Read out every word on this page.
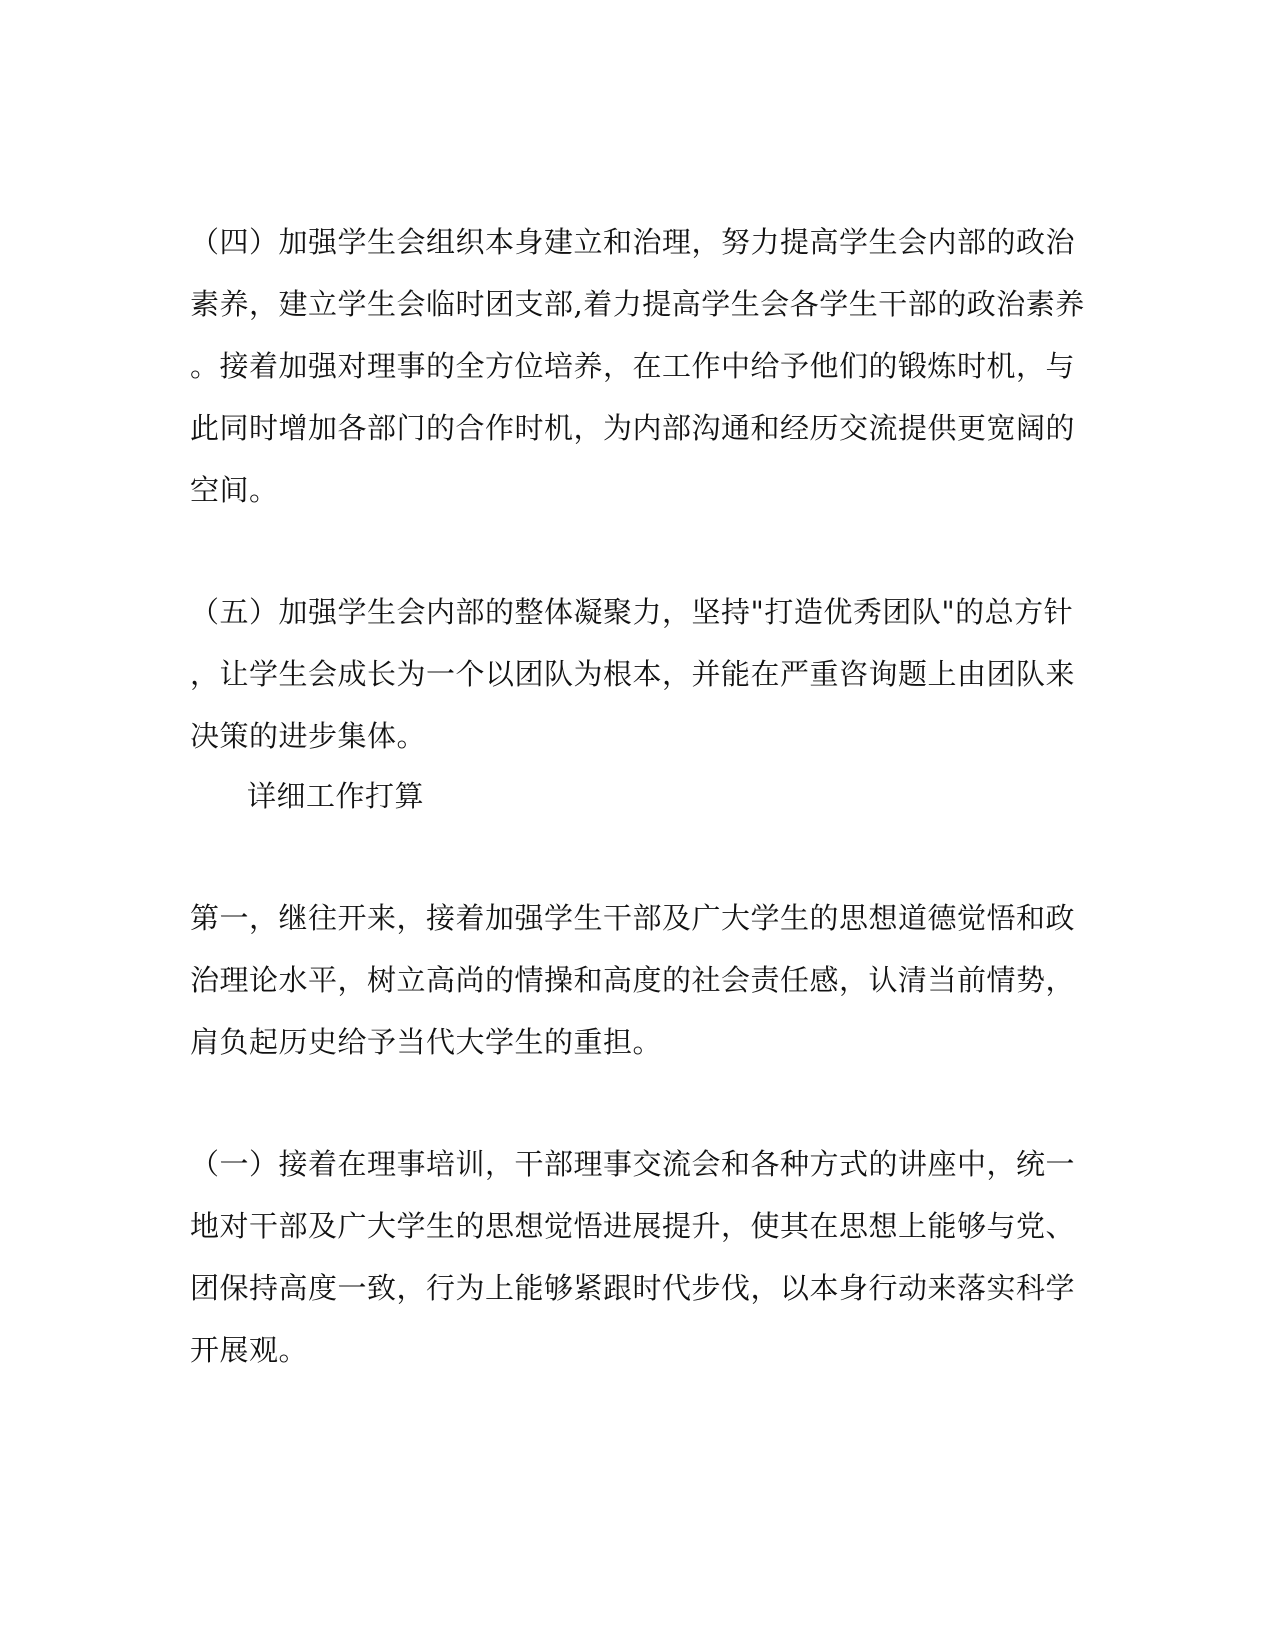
（四）加强学生会组织本身建立和治理，努力提高学生会内部的政治
素养，建立学生会临时团支部,着力提高学生会各学生干部的政治素养
。接着加强对理事的全方位培养，在工作中给予他们的锻炼时机，与
此同时增加各部门的合作时机，为内部沟通和经历交流提供更宽阔的
空间。
（五）加强学生会内部的整体凝聚力，坚持"打造优秀团队"的总方针
，让学生会成长为一个以团队为根本，并能在严重咨询题上由团队来
决策的进步集体。
详细工作打算
第一，继往开来，接着加强学生干部及广大学生的思想道德觉悟和政
治理论水平，树立高尚的情操和高度的社会责任感，认清当前情势，
肩负起历史给予当代大学生的重担。
（一）接着在理事培训，干部理事交流会和各种方式的讲座中，统一
地对干部及广大学生的思想觉悟进展提升，使其在思想上能够与党、
团保持高度一致，行为上能够紧跟时代步伐，以本身行动来落实科学
开展观。
